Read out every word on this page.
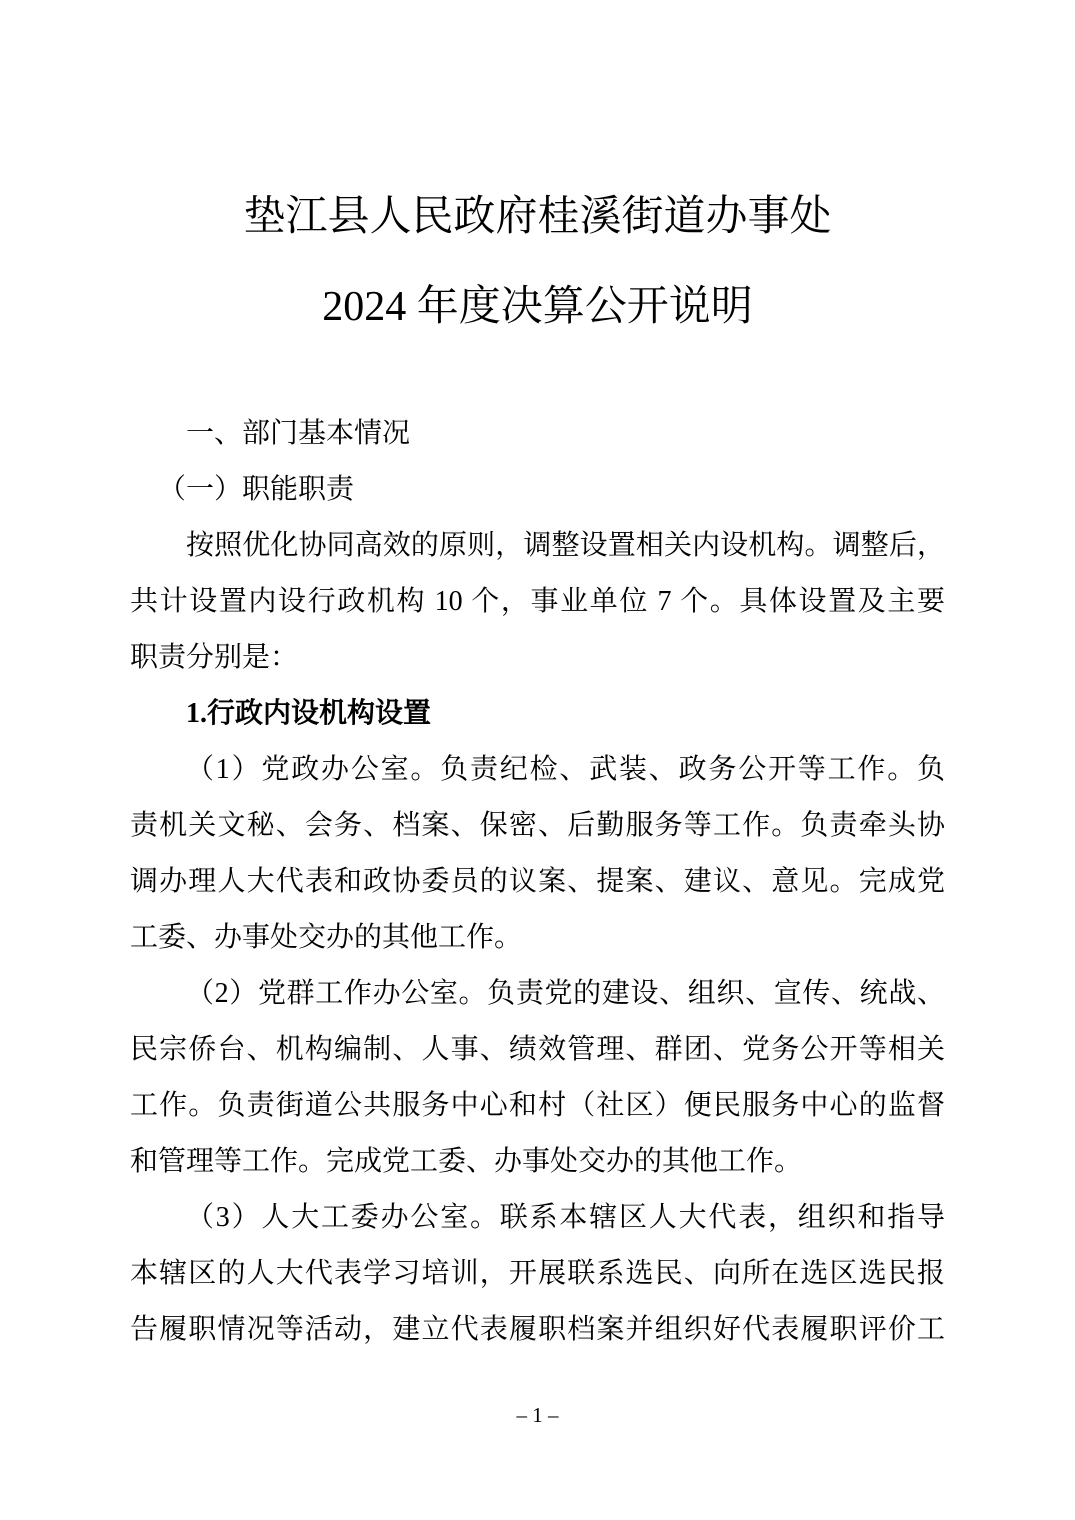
垫江县人民政府桂溪街道办事处
2024 年度决算公开说明
一、部门基本情况
（一）职能职责
按照优化协同高效的原则，调整设置相关内设机构。调整后，
共计设置内设行政机构 10 个，事业单位 7 个。具体设置及主要
职责分别是：
1.行政内设机构设置
（1）党政办公室。负责纪检、武装、政务公开等工作。负
责机关文秘、会务、档案、保密、后勤服务等工作。负责牵头协
调办理人大代表和政协委员的议案、提案、建议、意见。完成党
工委、办事处交办的其他工作。
（2）党群工作办公室。负责党的建设、组织、宣传、统战、
民宗侨台、机构编制、人事、绩效管理、群团、党务公开等相关
工作。负责街道公共服务中心和村（社区）便民服务中心的监督
和管理等工作。完成党工委、办事处交办的其他工作。
（3）人大工委办公室。联系本辖区人大代表，组织和指导
本辖区的人大代表学习培训，开展联系选民、向所在选区选民报
告履职情况等活动，建立代表履职档案并组织好代表履职评价工
– 1 –
